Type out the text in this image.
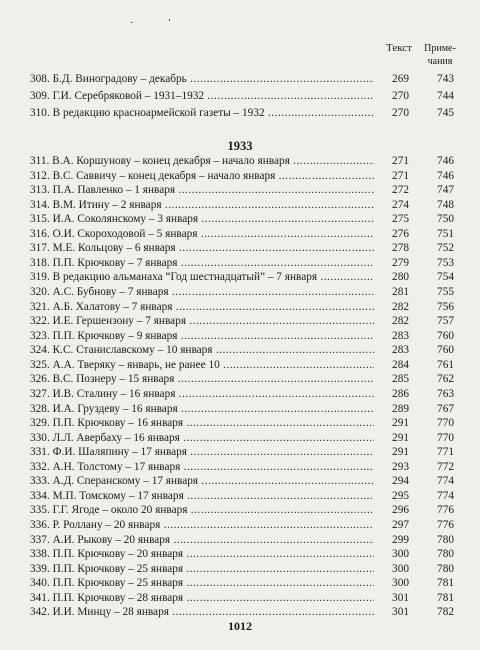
·              '
Текст	Приме-
чания
308. Б.Д. Виноградову – декабрь .....	269	743
309. Г.И. Серебряковой – 1931–1932 .....	270	744
310. В редакцию красноармейской газеты – 1932 .....	270	745
1933
311. В.А. Коршунову – конец декабря – начало января .....	271	746
312. В.С. Саввичу – конец декабря – начало января .....	271	746
313. П.А. Павленко – 1 января .....	272	747
314. В.М. Итину – 2 января .....	274	748
315. И.А. Соколянскому – 3 января .....	275	750
316. О.И. Скороходовой – 5 января .....	276	751
317. М.Е. Кольцову – 6 января .....	278	752
318. П.П. Крючкову – 7 января .....	279	753
319. В редакцию альманаха “Год шестнадцатый” – 7 января .....	280	754
320. А.С. Бубнову – 7 января .....	281	755
321. А.Б. Халатову – 7 января .....	282	756
322. И.Е. Гершензону – 7 января .....	282	757
323. П.П. Крючкову – 9 января .....	283	760
324. К.С. Станиславскому – 10 января .....	283	760
325. А.А. Тверяку – январь, не ранее 10 .....	284	761
326. В.С. Познеру – 15 января .....	285	762
327. И.В. Сталину – 16 января .....	286	763
328. И.А. Груздеву – 16 января .....	289	767
329. П.П. Крючкову – 16 января .....	291	770
330. Л.Л. Авербаху – 16 января .....	291	770
331. Ф.И. Шаляпину – 17 января .....	291	771
332. А.Н. Толстому – 17 января .....	293	772
333. А.Д. Сперанскому – 17 января .....	294	774
334. М.П. Томскому – 17 января .....	295	774
335. Г.Г. Ягоде – около 20 января .....	296	776
336. Р. Роллану – 20 января .....	297	776
337. А.И. Рыкову – 20 января .....	299	780
338. П.П. Крючкову – 20 января .....	300	780
339. П.П. Крючкову – 25 января .....	300	780
340. П.П. Крючкову – 25 января .....	300	781
341. П.П. Крючкову – 28 января .....	301	781
342. И.И. Минцу – 28 января .....	301	782
1012
